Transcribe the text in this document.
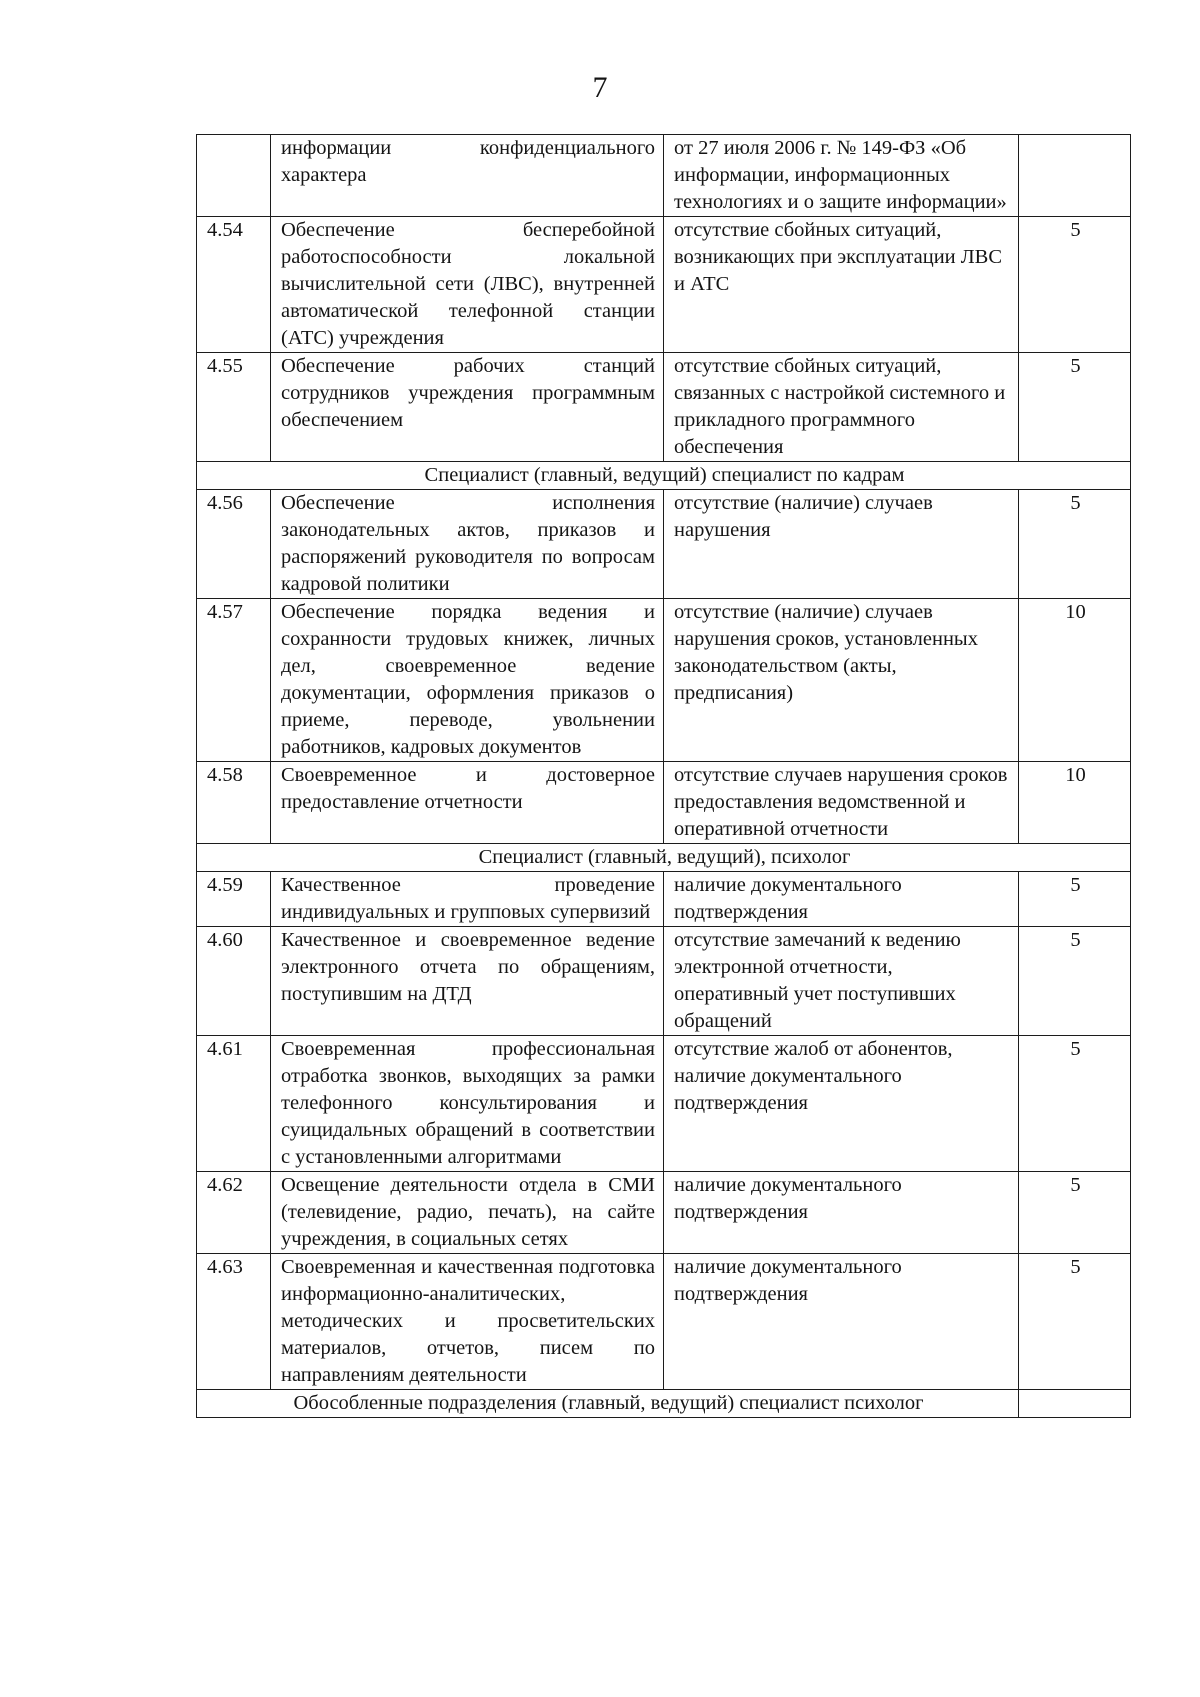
7
	информации конфиденциального характера	от 27 июля 2006 г. № 149-ФЗ «Об информации, информационных технологиях и о защите информации»	
4.54	Обеспечение бесперебойной работоспособности локальной вычислительной сети (ЛВС), внутренней автоматической телефонной станции (АТС) учреждения	отсутствие сбойных ситуаций, возникающих при эксплуатации ЛВС и АТС	5
4.55	Обеспечение рабочих станций сотрудников учреждения программным обеспечением	отсутствие сбойных ситуаций, связанных с настройкой системного и прикладного программного обеспечения	5
Специалист (главный, ведущий) специалист по кадрам			
4.56	Обеспечение исполнения законодательных актов, приказов и распоряжений руководителя по вопросам кадровой политики	отсутствие (наличие) случаев нарушения	5
4.57	Обеспечение порядка ведения и сохранности трудовых книжек, личных дел, своевременное ведение документации, оформления приказов о приеме, переводе, увольнении работников, кадровых документов	отсутствие (наличие) случаев нарушения сроков, установленных законодательством (акты, предписания)	10
4.58	Своевременное и достоверное предоставление отчетности	отсутствие случаев нарушения сроков предоставления ведомственной и оперативной отчетности	10
Специалист (главный, ведущий), психолог			
4.59	Качественное проведение индивидуальных и групповых супервизий	наличие документального подтверждения	5
4.60	Качественное и своевременное ведение электронного отчета по обращениям, поступившим на ДТД	отсутствие замечаний к ведению электронной отчетности, оперативный учет поступивших обращений	5
4.61	Своевременная профессиональная отработка звонков, выходящих за рамки телефонного консультирования и суицидальных обращений в соответствии с установленными алгоритмами	отсутствие жалоб от абонентов, наличие документального подтверждения	5
4.62	Освещение деятельности отдела в СМИ (телевидение, радио, печать), на сайте учреждения, в социальных сетях	наличие документального подтверждения	5
4.63	Своевременная и качественная подготовка информационно-аналитических, методических и просветительских материалов, отчетов, писем по направлениям деятельности	наличие документального подтверждения	5
Обособленные подразделения (главный, ведущий) специалист психолог			
